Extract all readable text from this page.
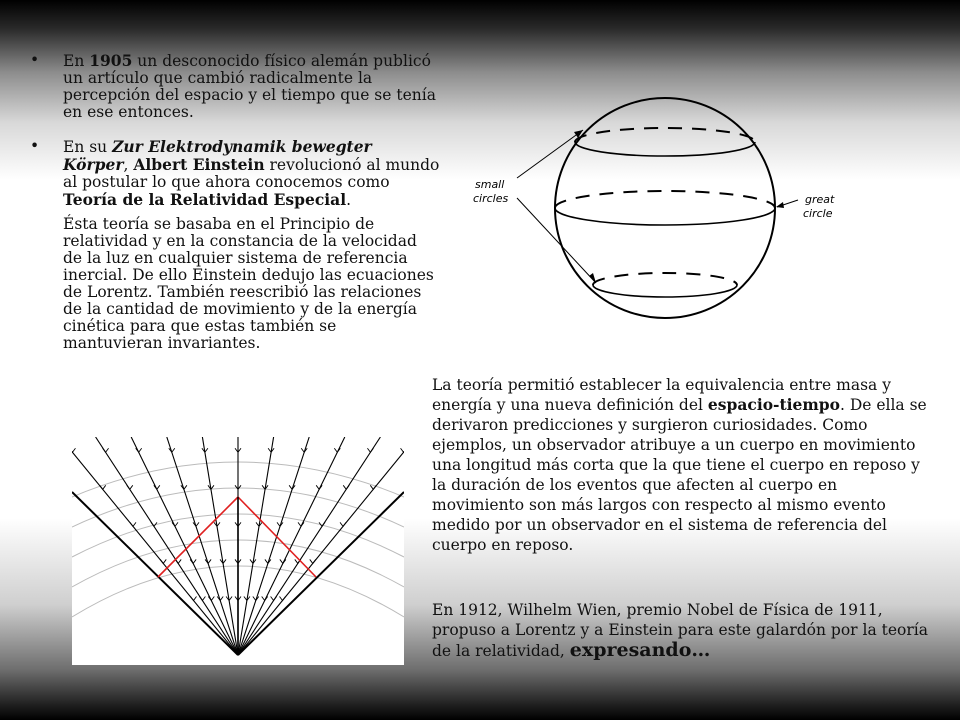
• En 1905 un desconocido físico alemán publicó un artículo que cambió radicalmente la percepción del espacio y el tiempo que se tenía en ese entonces.

• En su Zur Elektrodynamik bewegter Körper, Albert Einstein revolucionó al mundo al postular lo que ahora conocemos como Teoría de la Relatividad Especial.

Ésta teoría se basaba en el Principio de relatividad y en la constancia de la velocidad de la luz en cualquier sistema de referencia inercial. De ello Einstein dedujo las ecuaciones de Lorentz. También reescribió las relaciones de la cantidad de movimiento y de la energía cinética para que estas también se mantuvieran invariantes.

small
circles	great
circle

La teoría permitió establecer la equivalencia entre masa y energía y una nueva definición del espacio-tiempo. De ella se derivaron predicciones y surgieron curiosidades. Como ejemplos, un observador atribuye a un cuerpo en movimiento una longitud más corta que la que tiene el cuerpo en reposo y la duración de los eventos que afecten al cuerpo en movimiento son más largos con respecto al mismo evento medido por un observador en el sistema de referencia del cuerpo en reposo.

En 1912, Wilhelm Wien, premio Nobel de Física de 1911, propuso a Lorentz y a Einstein para este galardón por la teoría de la relatividad, expresando…
